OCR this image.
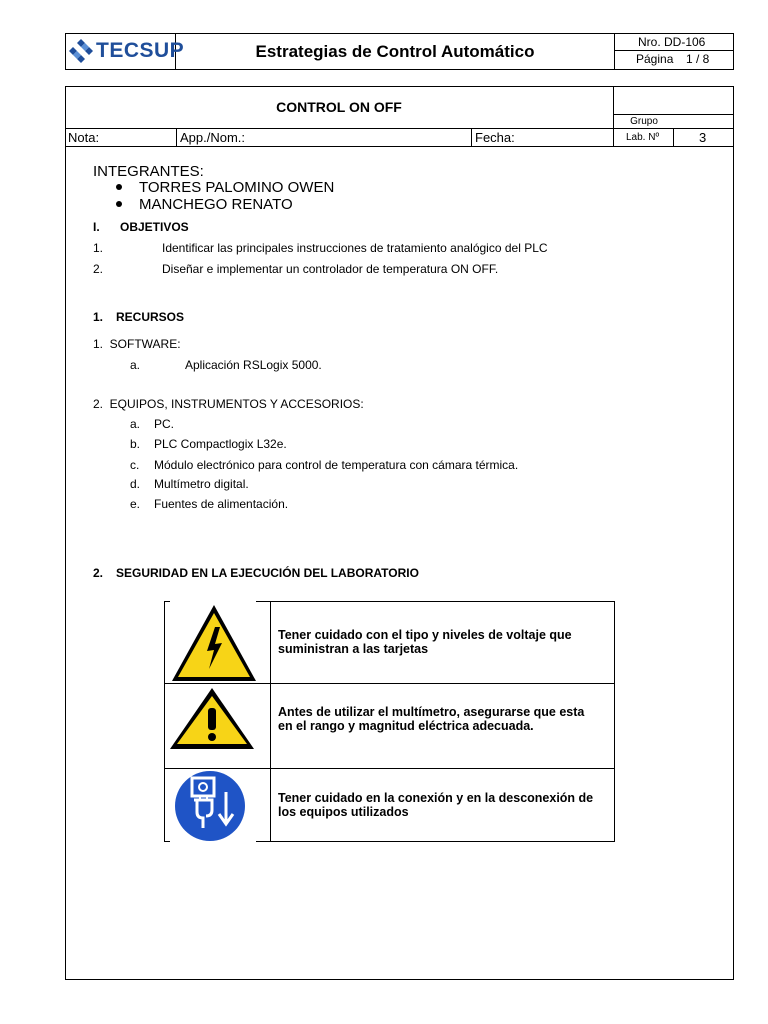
TECSUP	Estrategias de Control Automático	Nro. DD-106
Página 1 / 8
CONTROL ON OFF
Grupo
Nota:	App./Nom.:	Fecha:	Lab. Nº	3
INTEGRANTES:
TORRES PALOMINO OWEN
MANCHEGO RENATO
I. OBJETIVOS
1.	Identificar las principales instrucciones de tratamiento analógico del PLC
2.	Diseñar e implementar un controlador de temperatura ON OFF.
1. RECURSOS
1.  SOFTWARE:
a.	Aplicación RSLogix 5000.
2.  EQUIPOS, INSTRUMENTOS Y ACCESORIOS:
a. PC.
b. PLC Compactlogix L32e.
c. Módulo electrónico para control de temperatura con cámara térmica.
d. Multímetro digital.
e. Fuentes de alimentación.
2. SEGURIDAD EN LA EJECUCIÓN DEL LABORATORIO
Tener cuidado con el tipo y niveles de voltaje que
suministran a las tarjetas
Antes de utilizar el multímetro, asegurarse que esta
en el rango y magnitud eléctrica adecuada.
Tener cuidado en la conexión y en la desconexión de
los equipos utilizados
